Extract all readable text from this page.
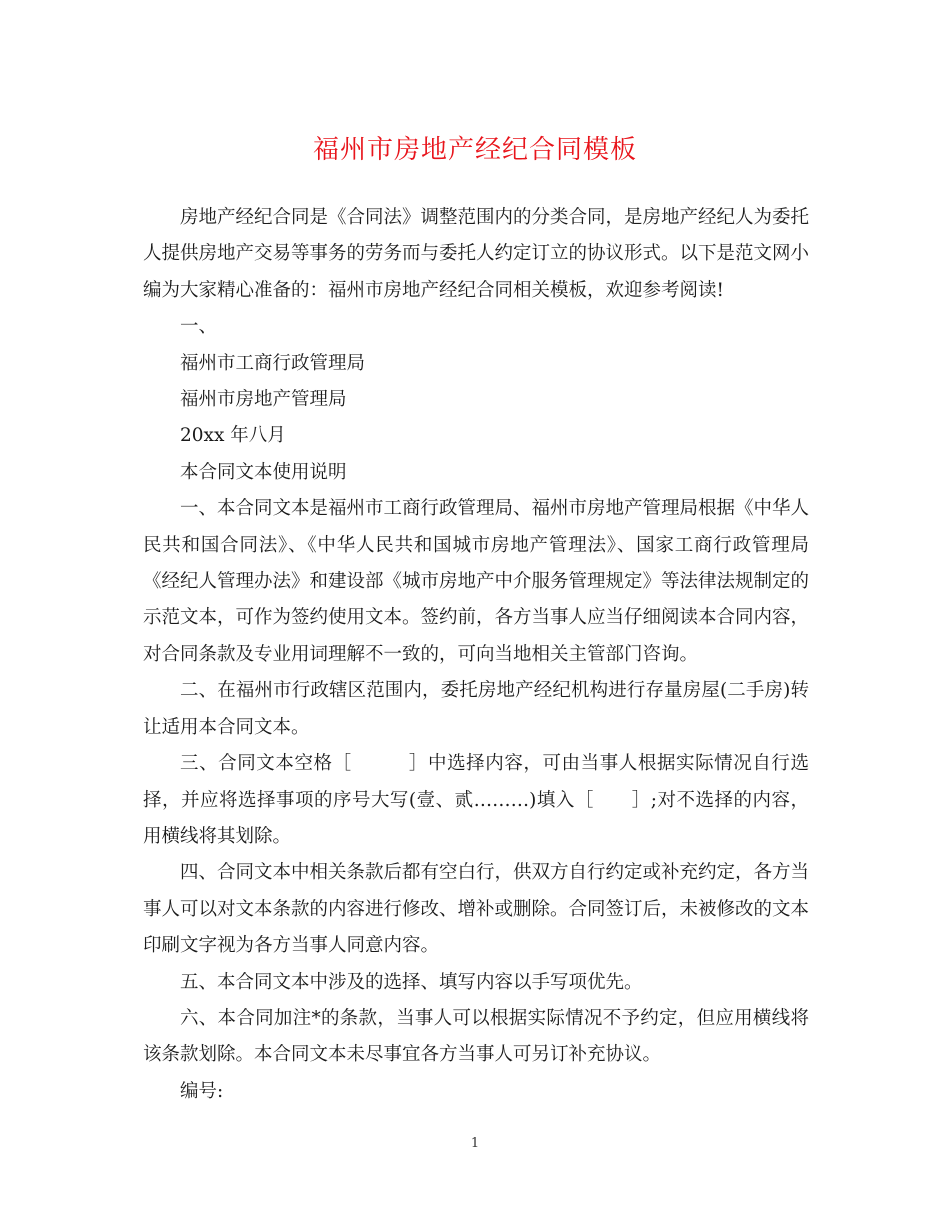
福州市房地产经纪合同模板

房地产经纪合同是《合同法》调整范围内的分类合同，是房地产经纪人为委托人提供房地产交易等事务的劳务而与委托人约定订立的协议形式。以下是范文网小编为大家精心准备的：福州市房地产经纪合同相关模板，欢迎参考阅读!

一、

福州市工商行政管理局

福州市房地产管理局

20xx 年八月

本合同文本使用说明

一、本合同文本是福州市工商行政管理局、福州市房地产管理局根据《中华人民共和国合同法》、《中华人民共和国城市房地产管理法》、国家工商行政管理局《经纪人管理办法》和建设部《城市房地产中介服务管理规定》等法律法规制定的示范文本，可作为签约使用文本。签约前，各方当事人应当仔细阅读本合同内容，对合同条款及专业用词理解不一致的，可向当地相关主管部门咨询。

二、在福州市行政辖区范围内，委托房地产经纪机构进行存量房屋(二手房)转让适用本合同文本。

三、合同文本空格［　　　］中选择内容，可由当事人根据实际情况自行选择，并应将选择事项的序号大写(壹、贰………)填入［　　］;对不选择的内容，用横线将其划除。

四、合同文本中相关条款后都有空白行，供双方自行约定或补充约定，各方当事人可以对文本条款的内容进行修改、增补或删除。合同签订后，未被修改的文本印刷文字视为各方当事人同意内容。

五、本合同文本中涉及的选择、填写内容以手写项优先。

六、本合同加注*的条款，当事人可以根据实际情况不予约定，但应用横线将该条款划除。本合同文本未尽事宜各方当事人可另订补充协议。

编号:

1
